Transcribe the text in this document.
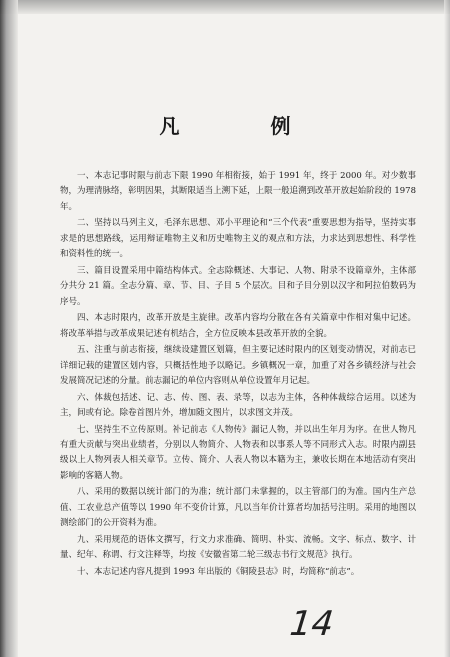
凡 例

一、本志记事时限与前志下限 1990 年相衔接，始于 1991 年，终于 2000 年。对少数事物，为理清脉络，彰明因果，其断限适当上溯下延，上限一般追溯到改革开放起始阶段的 1978 年。

二、坚持以马列主义，毛泽东思想、邓小平理论和“三个代表”重要思想为指导，坚持实事求是的思想路线，运用辩证唯物主义和历史唯物主义的观点和方法，力求达到思想性、科学性和资料性的统一。

三、篇目设置采用中篇结构体式。全志除概述、大事记、人物、附录不设篇章外，主体部分共分 21 篇。全志分篇、章、节、目、子目 5 个层次。目和子目分别以汉字和阿拉伯数码为序号。

四、本志时限内，改革开放是主旋律。改革内容均分散在各有关篇章中作相对集中记述。将改革举措与改革成果记述有机结合，全方位反映本县改革开放的全貌。

五、注重与前志衔接，继续设建置区划篇，但主要记述时限内的区划变动情况，对前志已详细记载的建置区划内容，只概括性地予以略记。乡镇概况一章，加重了对各乡镇经济与社会发展简况记述的分量。前志漏记的单位内容则从单位设置年月记起。

六、体裁包括述、记、志、传、图、表、录等，以志为主体，各种体裁综合运用。以述为主，间或有论。除卷首图片外，增加随文图片，以求图文并茂。

七、坚持生不立传原则。补记前志《人物传》漏记人物，并以出生年月为序。在世人物凡有重大贡献与突出业绩者，分别以人物简介、人物表和以事系人等不同形式入志。时限内副县级以上人物列表人相关章节。立传、简介、人表人物以本籍为主，兼收长期在本地活动有突出影响的客籍人物。

八、采用的数据以统计部门的为准；统计部门未掌握的，以主管部门的为准。国内生产总值、工农业总产值等以 1990 年不变价计算，凡以当年价计算者均加括号注明。采用的地图以测绘部门的公开资料为准。

九、采用规范的语体文撰写，行文力求准确、简明、朴实、流畅。文字、标点、数字、计量、纪年、称谓、行文注释等，均按《安徽省第二轮三级志书行文规范》执行。

十、本志记述内容凡提到 1993 年出版的《铜陵县志》时，均简称“前志”。

14
